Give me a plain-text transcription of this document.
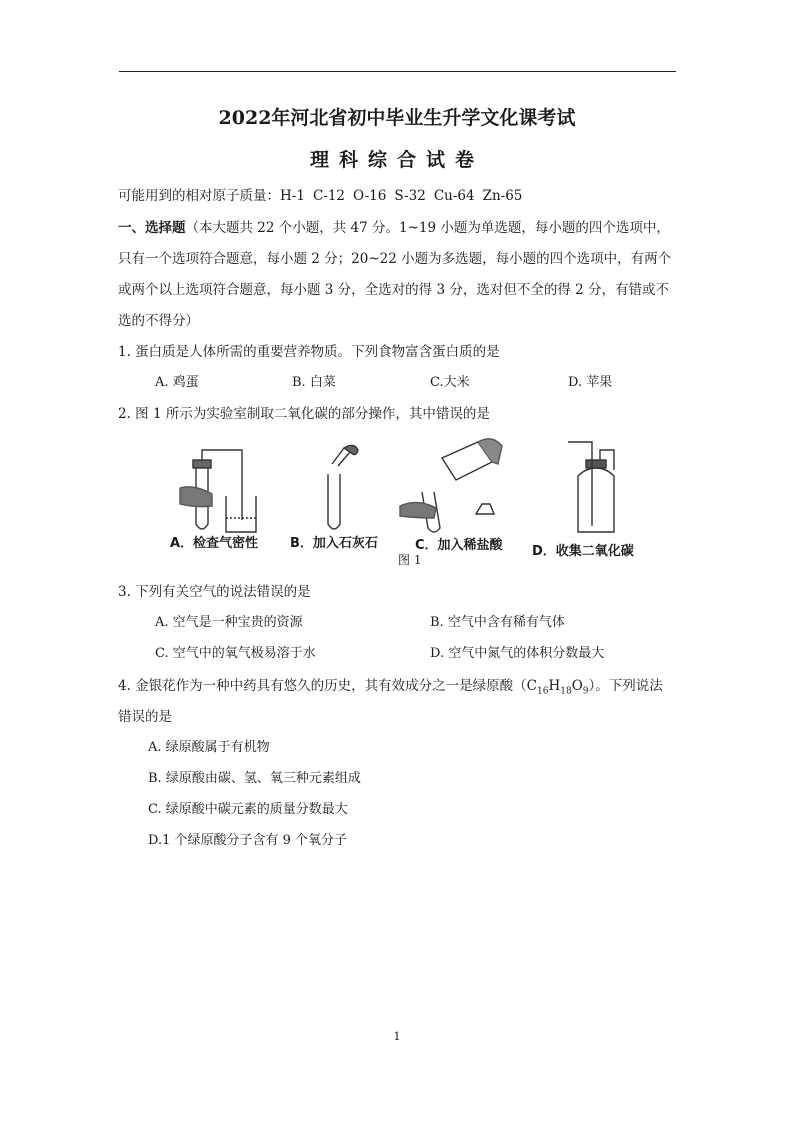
2022年河北省初中毕业生升学文化课考试
理科综合试卷
可能用到的相对原子质量：H-1 C-12 O-16 S-32 Cu-64 Zn-65
一、选择题（本大题共 22 个小题，共 47 分。1~19 小题为单选题，每小题的四个选项中，
只有一个选项符合题意，每小题 2 分；20~22 小题为多选题，每小题的四个选项中，有两个
或两个以上选项符合题意，每小题 3 分，全选对的得 3 分，选对但不全的得 2 分，有错或不
选的不得分）
1. 蛋白质是人体所需的重要营养物质。下列食物富含蛋白质的是
A. 鸡蛋	B. 白菜	C.大米	D. 苹果
2. 图 1 所示为实验室制取二氧化碳的部分操作，其中错误的是
A．检查气密性 B．加入石灰石	C．加入稀盐酸 D．收集二氧化碳
图 1
3. 下列有关空气的说法错误的是
A. 空气是一种宝贵的资源	B. 空气中含有稀有气体
C. 空气中的氧气极易溶于水	D. 空气中氮气的体积分数最大
4. 金银花作为一种中药具有悠久的历史，其有效成分之一是绿原酸$(C_{16}H_{18}O_9)$。下列说法
错误的是
A. 绿原酸属于有机物
B. 绿原酸由碳、氢、氧三种元素组成
C. 绿原酸中碳元素的质量分数最大
D.1 个绿原酸分子含有 9 个氧分子
1
